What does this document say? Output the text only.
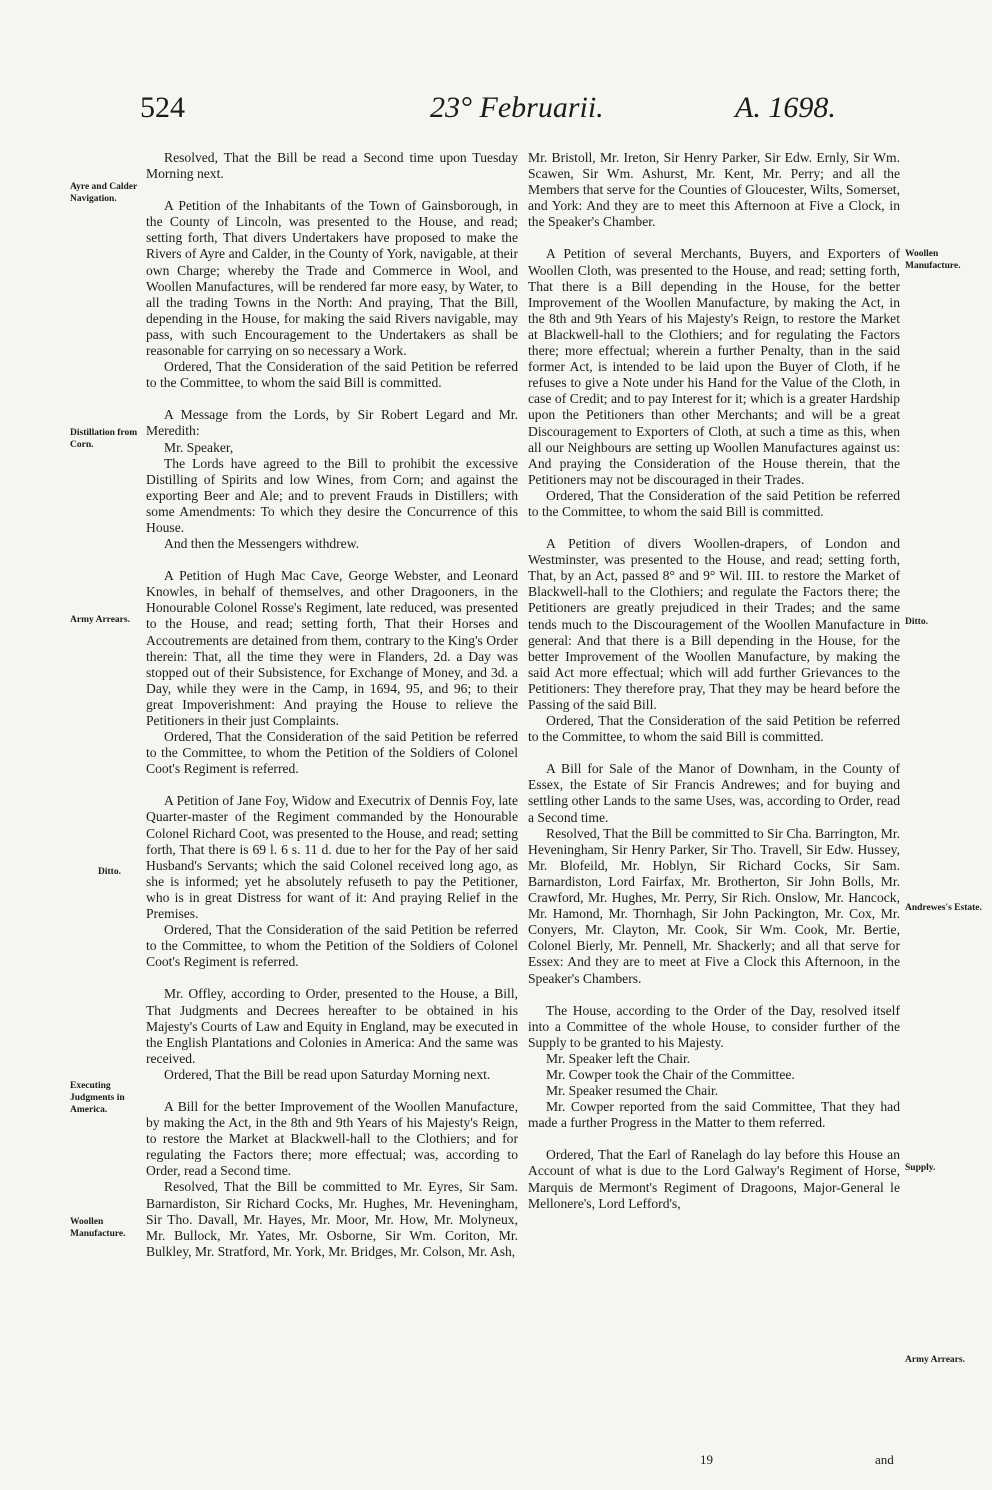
524	23° Februarii.	A. 1698.
Ayre and Calder Navigation.
Distillation from Corn.
Army Arrears.
Ditto.
Executing Judgments in America.
Woollen Manufacture.
Woollen Manufacture.
Ditto.
Andrewes's Estate.
Supply.
Army Arrears.

Resolved, That the Bill be read a Second time upon Tuesday Morning next.

A Petition of the Inhabitants of the Town of Gainsborough, in the County of Lincoln, was presented to the House, and read; setting forth, That divers Undertakers have proposed to make the Rivers of Ayre and Calder, in the County of York, navigable, at their own Charge; whereby the Trade and Commerce in Wool, and Woollen Manufactures, will be rendered far more easy, by Water, to all the trading Towns in the North: And praying, That the Bill, depending in the House, for making the said Rivers navigable, may pass, with such Encouragement to the Undertakers as shall be reasonable for carrying on so necessary a Work.

Ordered, That the Consideration of the said Petition be referred to the Committee, to whom the said Bill is committed.

A Message from the Lords, by Sir Robert Legard and Mr. Meredith:

Mr. Speaker,

The Lords have agreed to the Bill to prohibit the excessive Distilling of Spirits and low Wines, from Corn; and against the exporting Beer and Ale; and to prevent Frauds in Distillers; with some Amendments: To which they desire the Concurrence of this House.

And then the Messengers withdrew.

A Petition of Hugh Mac Cave, George Webster, and Leonard Knowles, in behalf of themselves, and other Dragooners, in the Honourable Colonel Rosse's Regiment, late reduced, was presented to the House, and read; setting forth, That their Horses and Accoutrements are detained from them, contrary to the King's Order therein: That, all the time they were in Flanders, 2d. a Day was stopped out of their Subsistence, for Exchange of Money, and 3d. a Day, while they were in the Camp, in 1694, 95, and 96; to their great Impoverishment: And praying the House to relieve the Petitioners in their just Complaints.

Ordered, That the Consideration of the said Petition be referred to the Committee, to whom the Petition of the Soldiers of Colonel Coot's Regiment is referred.

A Petition of Jane Foy, Widow and Executrix of Dennis Foy, late Quarter-master of the Regiment commanded by the Honourable Colonel Richard Coot, was presented to the House, and read; setting forth, That there is 69 l. 6 s. 11 d. due to her for the Pay of her said Husband's Servants; which the said Colonel received long ago, as she is informed; yet he absolutely refuseth to pay the Petitioner, who is in great Distress for want of it: And praying Relief in the Premises.

Ordered, That the Consideration of the said Petition be referred to the Committee, to whom the Petition of the Soldiers of Colonel Coot's Regiment is referred.

Mr. Offley, according to Order, presented to the House, a Bill, That Judgments and Decrees hereafter to be obtained in his Majesty's Courts of Law and Equity in England, may be executed in the English Plantations and Colonies in America: And the same was received.

Ordered, That the Bill be read upon Saturday Morning next.

A Bill for the better Improvement of the Woollen Manufacture, by making the Act, in the 8th and 9th Years of his Majesty's Reign, to restore the Market at Blackwell-hall to the Clothiers; and for regulating the Factors there; more effectual; was, according to Order, read a Second time.

Resolved, That the Bill be committed to Mr. Eyres, Sir Sam. Barnardiston, Sir Richard Cocks, Mr. Hughes, Mr. Heveningham, Sir Tho. Davall, Mr. Hayes, Mr. Moor, Mr. How, Mr. Molyneux, Mr. Bullock, Mr. Yates, Mr. Osborne, Sir Wm. Coriton, Mr. Bulkley, Mr. Stratford, Mr. York, Mr. Bridges, Mr. Colson, Mr. Ash,

Mr. Bristoll, Mr. Ireton, Sir Henry Parker, Sir Edw. Ernly, Sir Wm. Scawen, Sir Wm. Ashurst, Mr. Kent, Mr. Perry; and all the Members that serve for the Counties of Gloucester, Wilts, Somerset, and York: And they are to meet this Afternoon at Five a Clock, in the Speaker's Chamber.

A Petition of several Merchants, Buyers, and Exporters of Woollen Cloth, was presented to the House, and read; setting forth, That there is a Bill depending in the House, for the better Improvement of the Woollen Manufacture, by making the Act, in the 8th and 9th Years of his Majesty's Reign, to restore the Market at Blackwell-hall to the Clothiers; and for regulating the Factors there; more effectual; wherein a further Penalty, than in the said former Act, is intended to be laid upon the Buyer of Cloth, if he refuses to give a Note under his Hand for the Value of the Cloth, in case of Credit; and to pay Interest for it; which is a greater Hardship upon the Petitioners than other Merchants; and will be a great Discouragement to Exporters of Cloth, at such a time as this, when all our Neighbours are setting up Woollen Manufactures against us: And praying the Consideration of the House therein, that the Petitioners may not be discouraged in their Trades.

Ordered, That the Consideration of the said Petition be referred to the Committee, to whom the said Bill is committed.

A Petition of divers Woollen-drapers, of London and Westminster, was presented to the House, and read; setting forth, That, by an Act, passed 8° and 9° Wil. III. to restore the Market of Blackwell-hall to the Clothiers; and regulate the Factors there; the Petitioners are greatly prejudiced in their Trades; and the same tends much to the Discouragement of the Woollen Manufacture in general: And that there is a Bill depending in the House, for the better Improvement of the Woollen Manufacture, by making the said Act more effectual; which will add further Grievances to the Petitioners: They therefore pray, That they may be heard before the Passing of the said Bill.

Ordered, That the Consideration of the said Petition be referred to the Committee, to whom the said Bill is committed.

A Bill for Sale of the Manor of Downham, in the County of Essex, the Estate of Sir Francis Andrewes; and for buying and settling other Lands to the same Uses, was, according to Order, read a Second time.

Resolved, That the Bill be committed to Sir Cha. Barrington, Mr. Heveningham, Sir Henry Parker, Sir Tho. Travell, Sir Edw. Hussey, Mr. Blofeild, Mr. Hoblyn, Sir Richard Cocks, Sir Sam. Barnardiston, Lord Fairfax, Mr. Brotherton, Sir John Bolls, Mr. Crawford, Mr. Hughes, Mr. Perry, Sir Rich. Onslow, Mr. Hancock, Mr. Hamond, Mr. Thornhagh, Sir John Packington, Mr. Cox, Mr. Conyers, Mr. Clayton, Mr. Cook, Sir Wm. Cook, Mr. Bertie, Colonel Bierly, Mr. Pennell, Mr. Shackerly; and all that serve for Essex: And they are to meet at Five a Clock this Afternoon, in the Speaker's Chambers.

The House, according to the Order of the Day, resolved itself into a Committee of the whole House, to consider further of the Supply to be granted to his Majesty.

Mr. Speaker left the Chair.

Mr. Cowper took the Chair of the Committee.

Mr. Speaker resumed the Chair.

Mr. Cowper reported from the said Committee, That they had made a further Progress in the Matter to them referred.

Ordered, That the Earl of Ranelagh do lay before this House an Account of what is due to the Lord Galway's Regiment of Horse, Marquis de Mermont's Regiment of Dragoons, Major-General le Mellonere's, Lord Lefford's,

19	and
